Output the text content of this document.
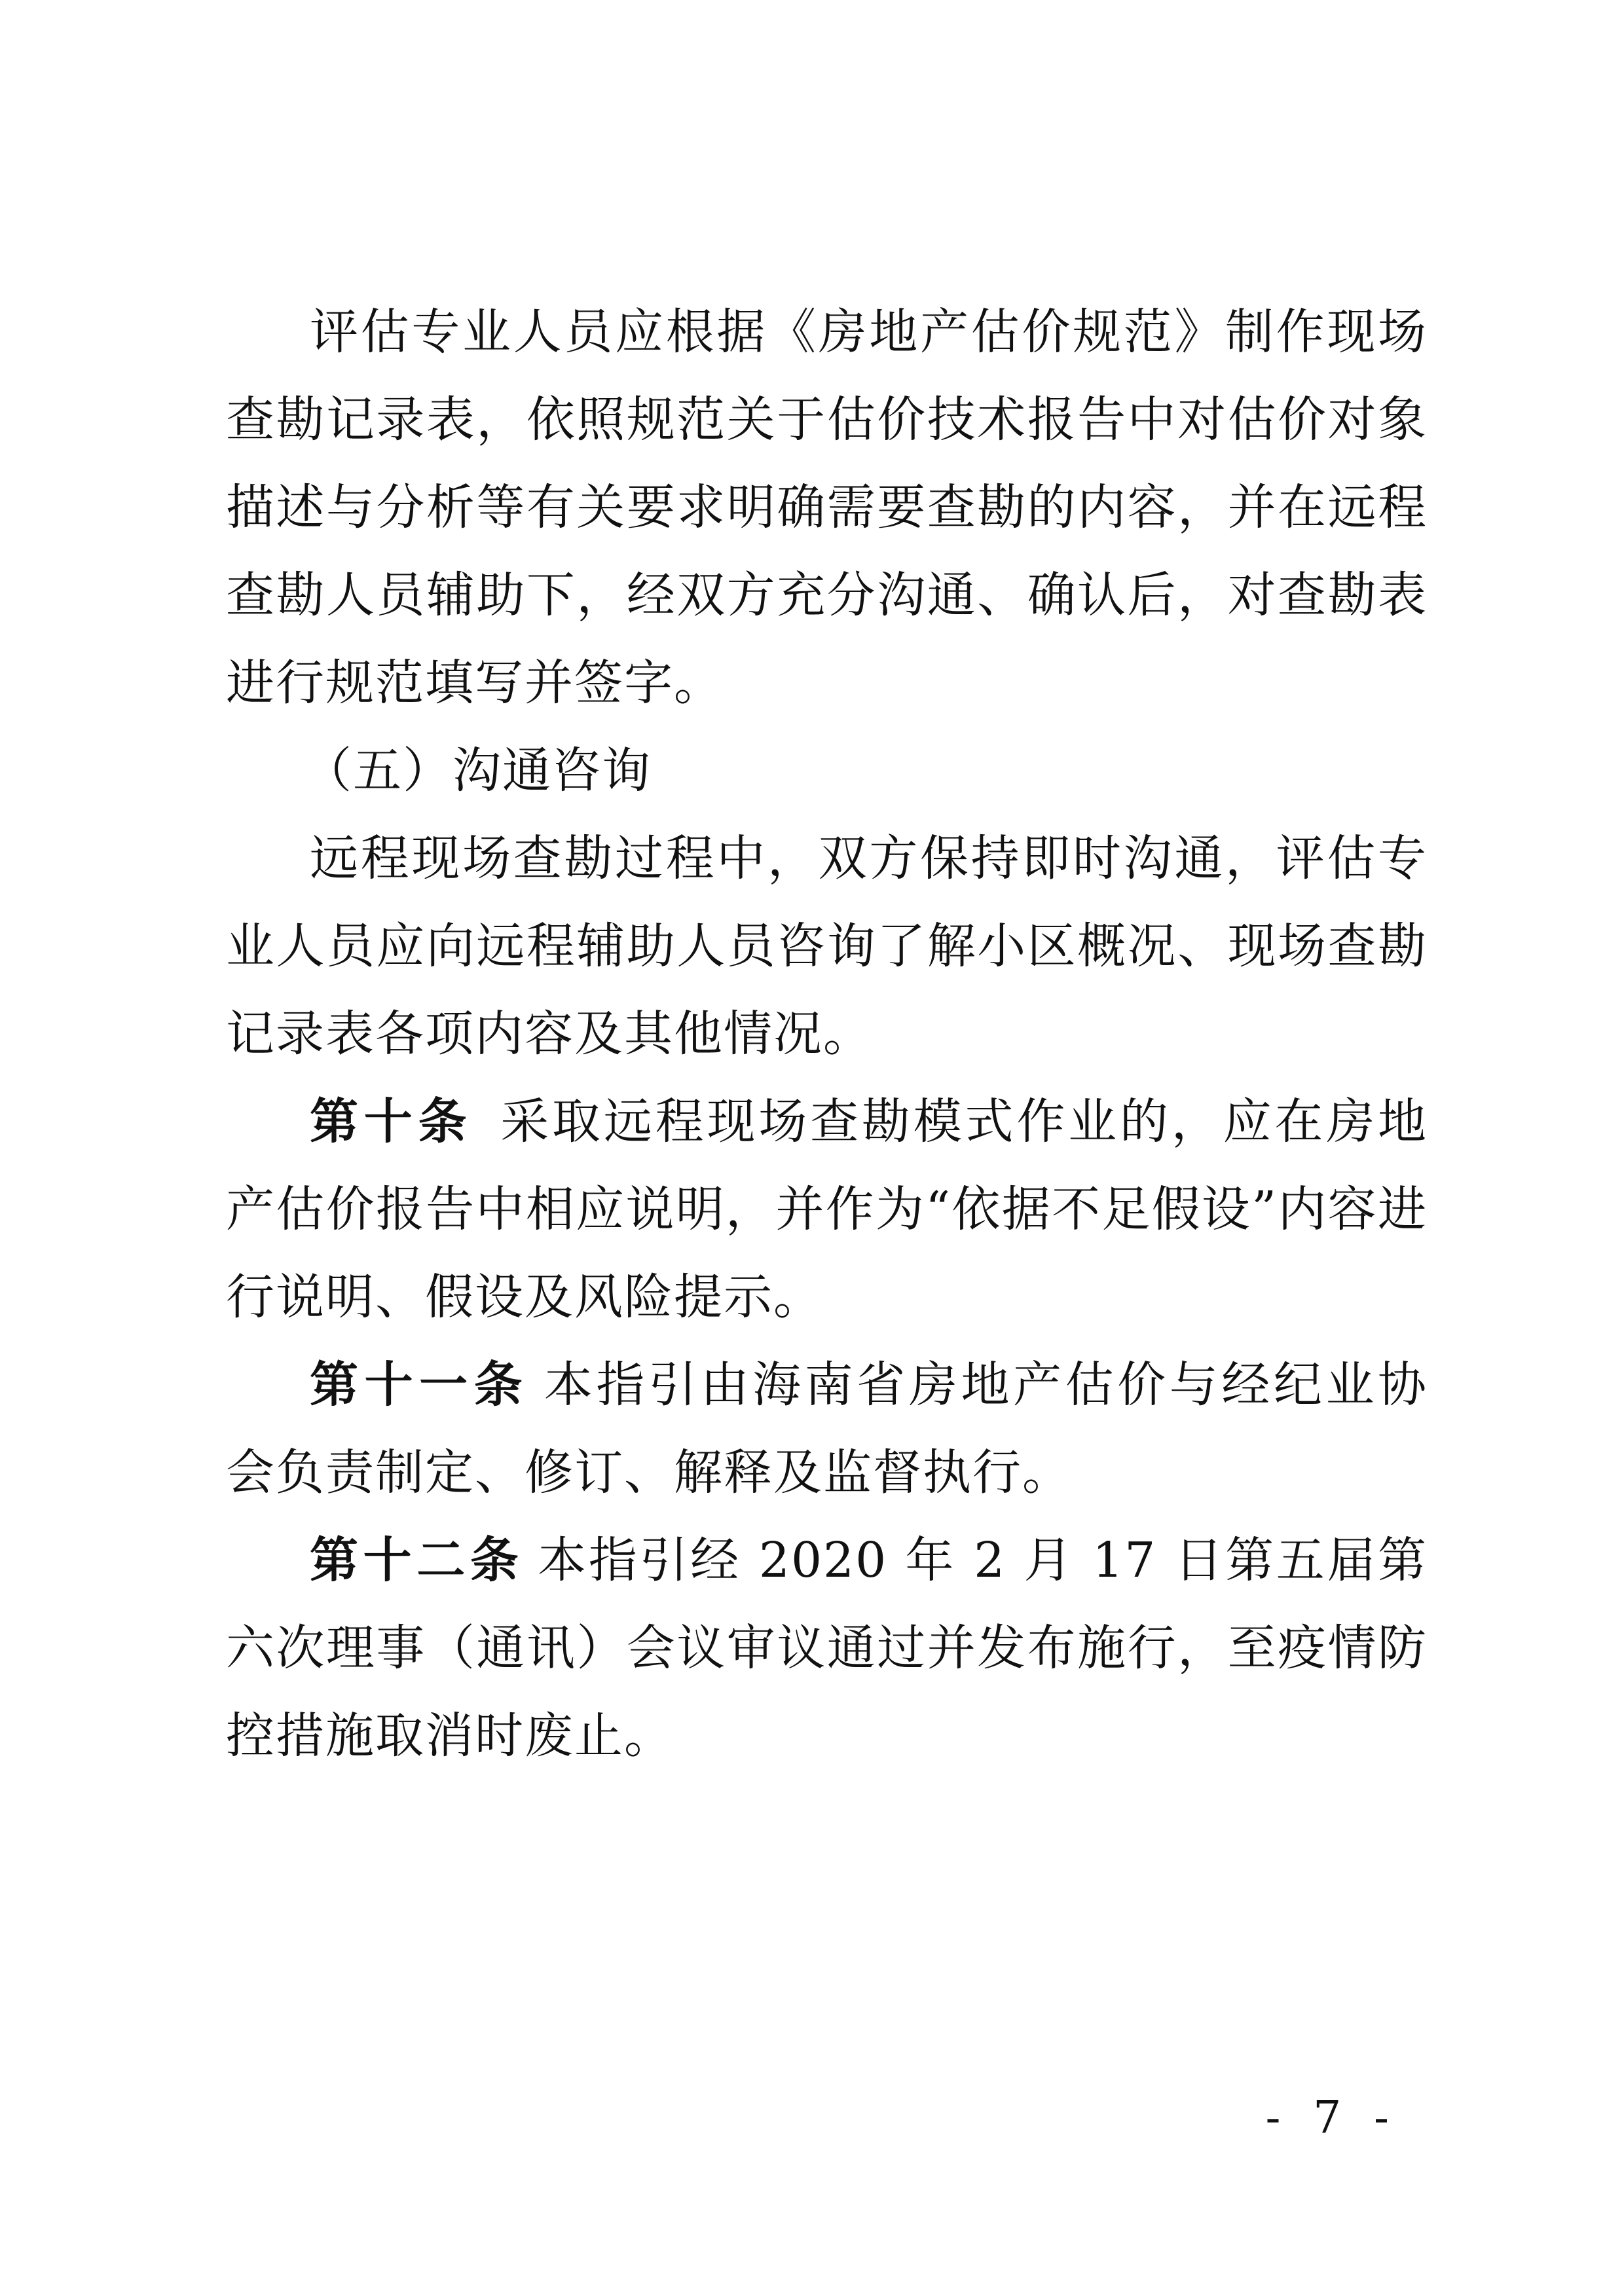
评估专业人员应根据《房地产估价规范》制作现场查勘记录表，依照规范关于估价技术报告中对估价对象描述与分析等有关要求明确需要查勘的内容，并在远程查勘人员辅助下，经双方充分沟通、确认后，对查勘表进行规范填写并签字。

（五）沟通咨询

远程现场查勘过程中，双方保持即时沟通，评估专业人员应向远程辅助人员咨询了解小区概况、现场查勘记录表各项内容及其他情况。

第十条 采取远程现场查勘模式作业的，应在房地产估价报告中相应说明，并作为“依据不足假设”内容进行说明、假设及风险提示。

第十一条 本指引由海南省房地产估价与经纪业协会负责制定、修订、解释及监督执行。

第十二条 本指引经 2020 年 2 月 17 日第五届第六次理事（通讯）会议审议通过并发布施行，至疫情防控措施取消时废止。

- 7 -
